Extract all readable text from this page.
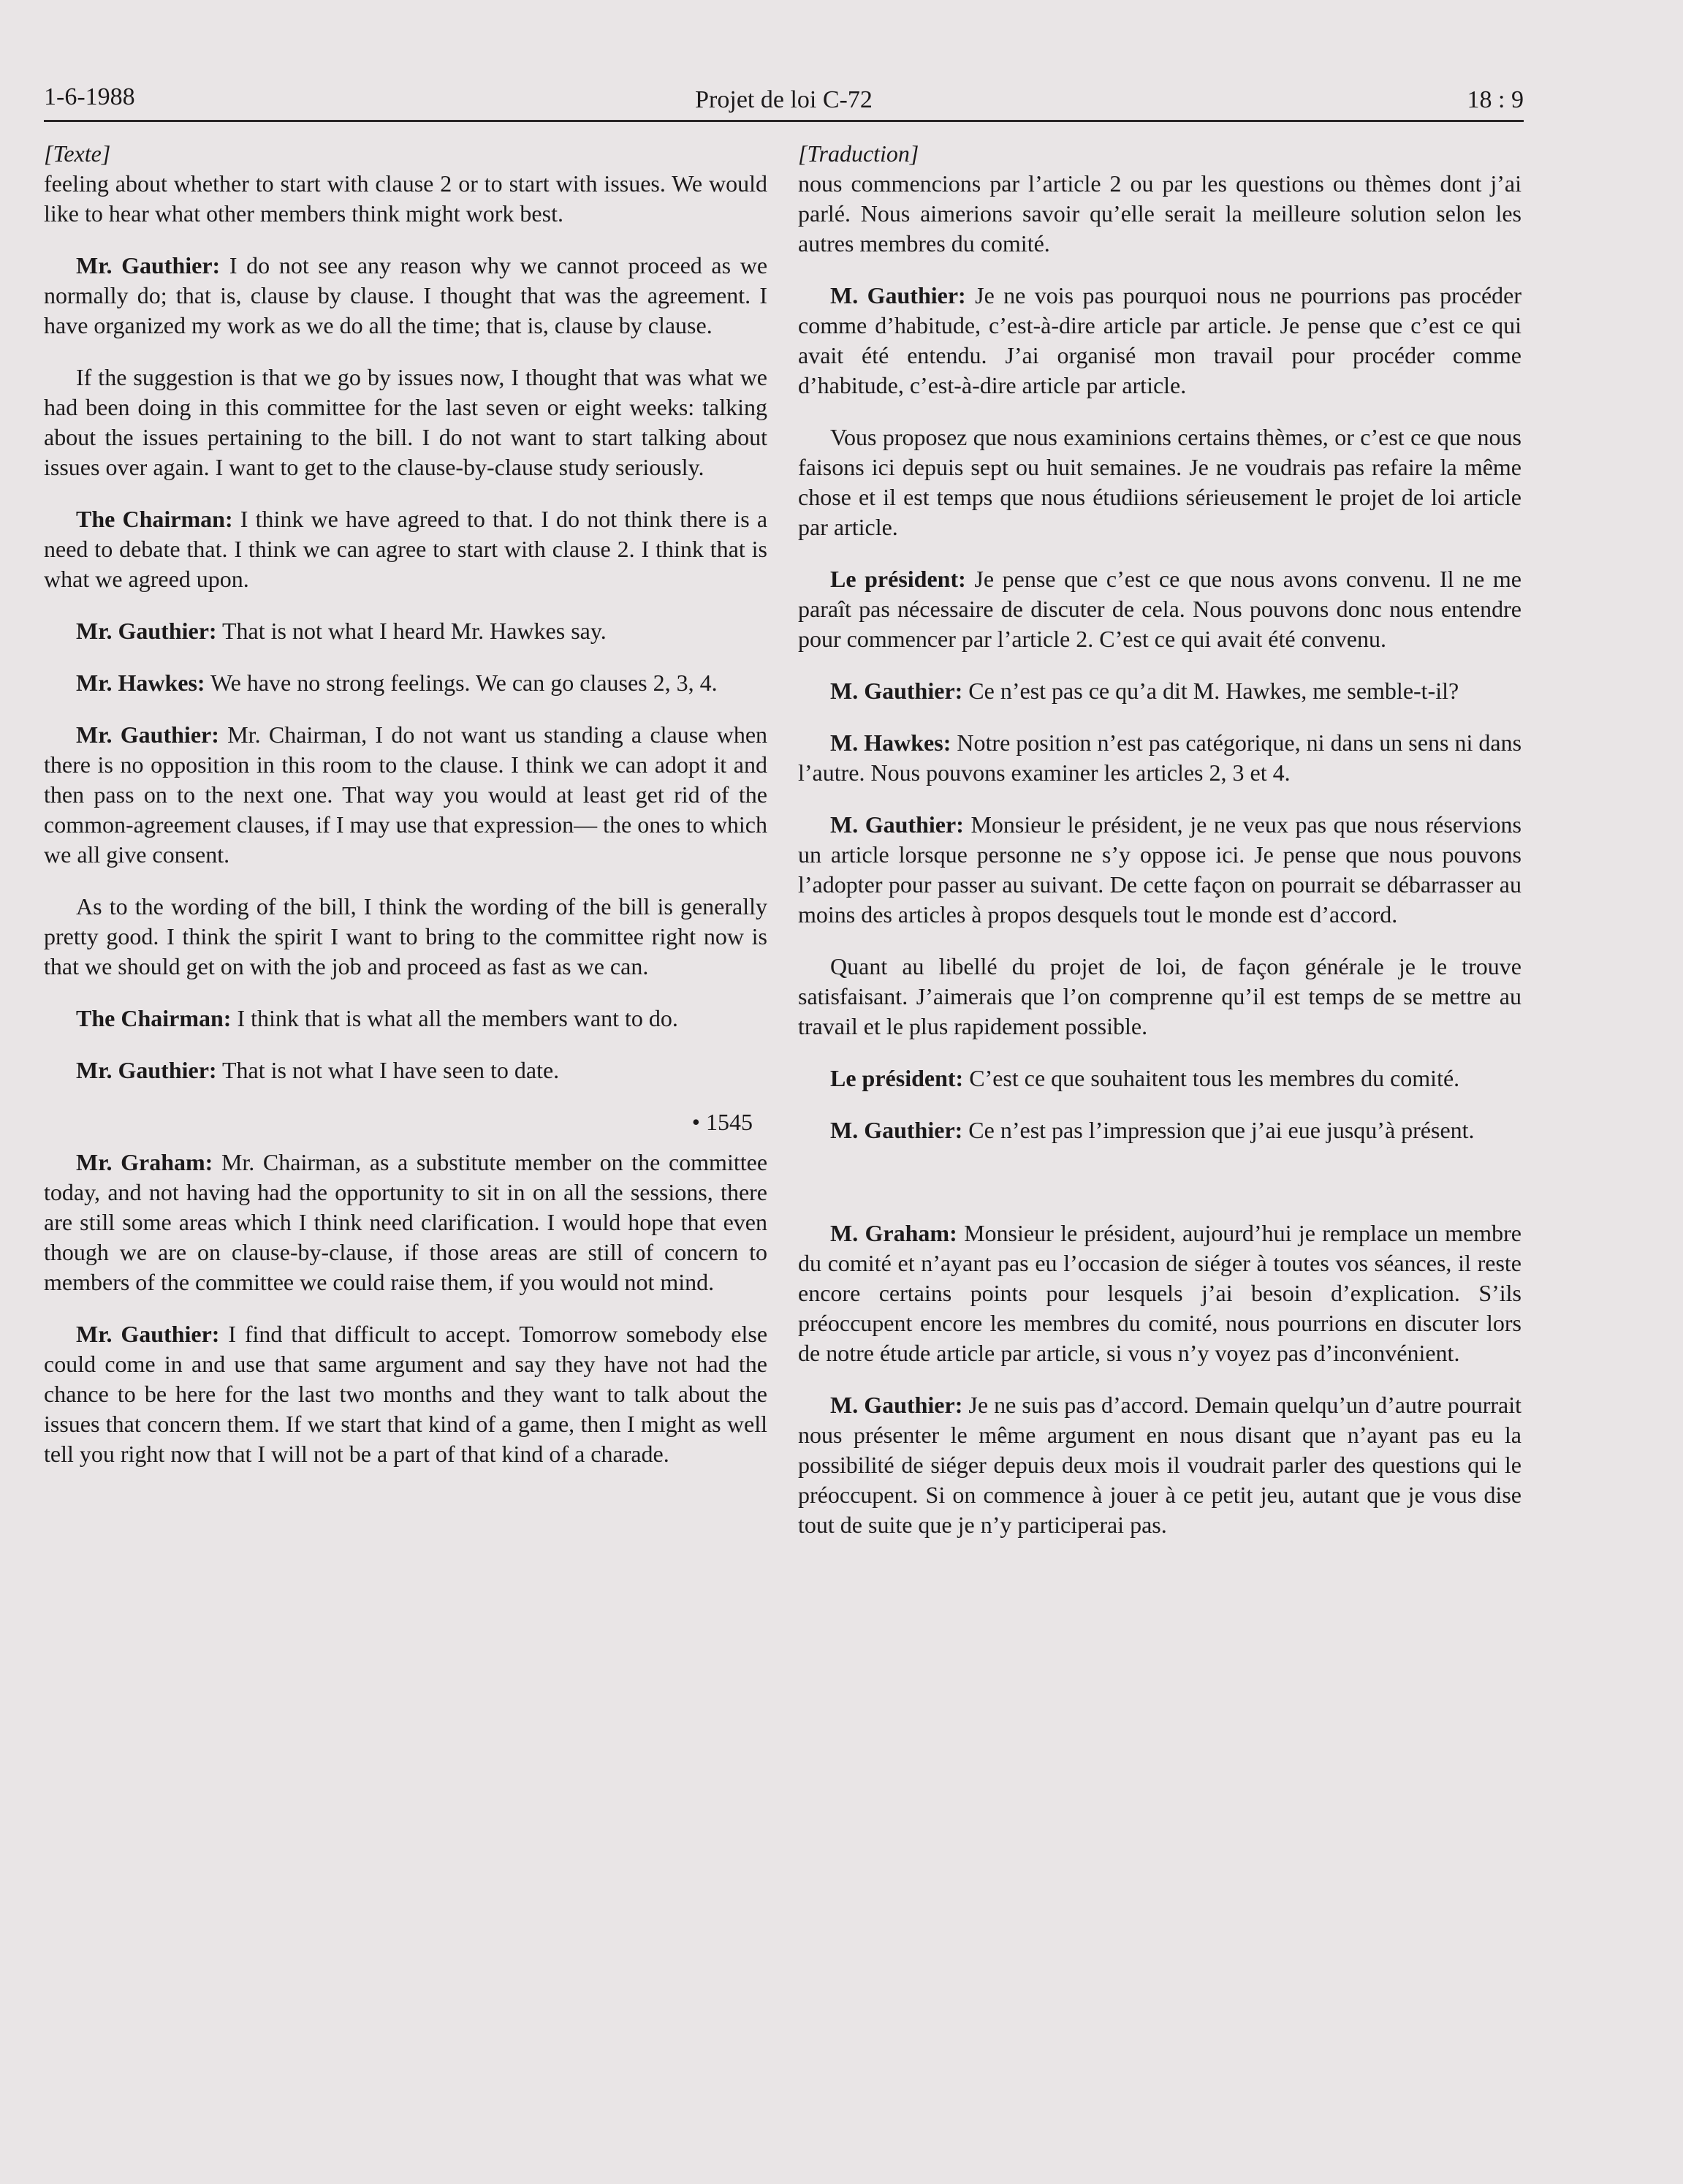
1-6-1988	Projet de loi C-72	18 : 9
[Texte]

feeling about whether to start with clause 2 or to start with issues. We would like to hear what other members think might work best.

Mr. Gauthier: I do not see any reason why we cannot proceed as we normally do; that is, clause by clause. I thought that was the agreement. I have organized my work as we do all the time; that is, clause by clause.

If the suggestion is that we go by issues now, I thought that was what we had been doing in this committee for the last seven or eight weeks: talking about the issues pertaining to the bill. I do not want to start talking about issues over again. I want to get to the clause-by-clause study seriously.

The Chairman: I think we have agreed to that. I do not think there is a need to debate that. I think we can agree to start with clause 2. I think that is what we agreed upon.

Mr. Gauthier: That is not what I heard Mr. Hawkes say.

Mr. Hawkes: We have no strong feelings. We can go clauses 2, 3, 4.

Mr. Gauthier: Mr. Chairman, I do not want us standing a clause when there is no opposition in this room to the clause. I think we can adopt it and then pass on to the next one. That way you would at least get rid of the common-agreement clauses, if I may use that expression— the ones to which we all give consent.

As to the wording of the bill, I think the wording of the bill is generally pretty good. I think the spirit I want to bring to the committee right now is that we should get on with the job and proceed as fast as we can.

The Chairman: I think that is what all the members want to do.

Mr. Gauthier: That is not what I have seen to date.

• 1545

Mr. Graham: Mr. Chairman, as a substitute member on the committee today, and not having had the opportunity to sit in on all the sessions, there are still some areas which I think need clarification. I would hope that even though we are on clause-by-clause, if those areas are still of concern to members of the committee we could raise them, if you would not mind.

Mr. Gauthier: I find that difficult to accept. Tomorrow somebody else could come in and use that same argument and say they have not had the chance to be here for the last two months and they want to talk about the issues that concern them. If we start that kind of a game, then I might as well tell you right now that I will not be a part of that kind of a charade.

[Traduction]

nous commencions par l’article 2 ou par les questions ou thèmes dont j’ai parlé. Nous aimerions savoir qu’elle serait la meilleure solution selon les autres membres du comité.

M. Gauthier: Je ne vois pas pourquoi nous ne pourrions pas procéder comme d’habitude, c’est-à-dire article par article. Je pense que c’est ce qui avait été entendu. J’ai organisé mon travail pour procéder comme d’habitude, c’est-à-dire article par article.

Vous proposez que nous examinions certains thèmes, or c’est ce que nous faisons ici depuis sept ou huit semaines. Je ne voudrais pas refaire la même chose et il est temps que nous étudiions sérieusement le projet de loi article par article.

Le président: Je pense que c’est ce que nous avons convenu. Il ne me paraît pas nécessaire de discuter de cela. Nous pouvons donc nous entendre pour commencer par l’article 2. C’est ce qui avait été convenu.

M. Gauthier: Ce n’est pas ce qu’a dit M. Hawkes, me semble-t-il?

M. Hawkes: Notre position n’est pas catégorique, ni dans un sens ni dans l’autre. Nous pouvons examiner les articles 2, 3 et 4.

M. Gauthier: Monsieur le président, je ne veux pas que nous réservions un article lorsque personne ne s’y oppose ici. Je pense que nous pouvons l’adopter pour passer au suivant. De cette façon on pourrait se débarrasser au moins des articles à propos desquels tout le monde est d’accord.

Quant au libellé du projet de loi, de façon générale je le trouve satisfaisant. J’aimerais que l’on comprenne qu’il est temps de se mettre au travail et le plus rapidement possible.

Le président: C’est ce que souhaitent tous les membres du comité.

M. Gauthier: Ce n’est pas l’impression que j’ai eue jusqu’à présent.

M. Graham: Monsieur le président, aujourd’hui je remplace un membre du comité et n’ayant pas eu l’occasion de siéger à toutes vos séances, il reste encore certains points pour lesquels j’ai besoin d’explication. S’ils préoccupent encore les membres du comité, nous pourrions en discuter lors de notre étude article par article, si vous n’y voyez pas d’inconvénient.

M. Gauthier: Je ne suis pas d’accord. Demain quelqu’un d’autre pourrait nous présenter le même argument en nous disant que n’ayant pas eu la possibilité de siéger depuis deux mois il voudrait parler des questions qui le préoccupent. Si on commence à jouer à ce petit jeu, autant que je vous dise tout de suite que je n’y participerai pas.
